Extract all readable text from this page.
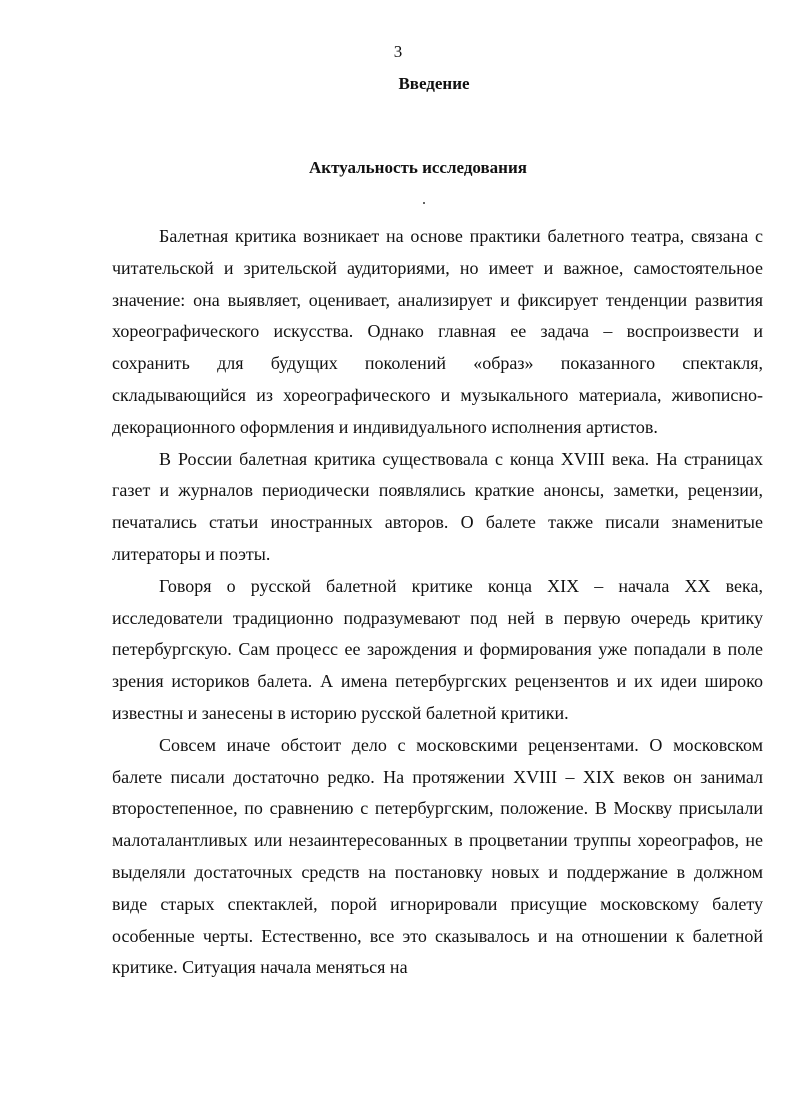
3
Введение
Актуальность исследования

Балетная критика возникает на основе практики балетного театра, связана с читательской и зрительской аудиториями, но имеет и важное, самостоятельное значение: она выявляет, оценивает, анализирует и фиксирует тенденции развития хореографического искусства. Однако главная ее задача – воспроизвести и сохранить для будущих поколений «образ» показанного спектакля, складывающийся из хореографического и музыкального материала, живописно-декорационного оформления и индивидуального исполнения артистов.

В России балетная критика существовала с конца XVIII века. На страницах газет и журналов периодически появлялись краткие анонсы, заметки, рецензии, печатались статьи иностранных авторов. О балете также писали знаменитые литераторы и поэты.

Говоря о русской балетной критике конца XIX – начала XX века, исследователи традиционно подразумевают под ней в первую очередь критику петербургскую. Сам процесс ее зарождения и формирования уже попадали в поле зрения историков балета. А имена петербургских рецензентов и их идеи широко известны и занесены в историю русской балетной критики.

Совсем иначе обстоит дело с московскими рецензентами. О московском балете писали достаточно редко. На протяжении XVIII – XIX веков он занимал второстепенное, по сравнению с петербургским, положение. В Москву присылали малоталантливых или незаинтересованных в процветании труппы хореографов, не выделяли достаточных средств на постановку новых и поддержание в должном виде старых спектаклей, порой игнорировали присущие московскому балету особенные черты. Естественно, все это сказывалось и на отношении к балетной критике. Ситуация начала меняться на
